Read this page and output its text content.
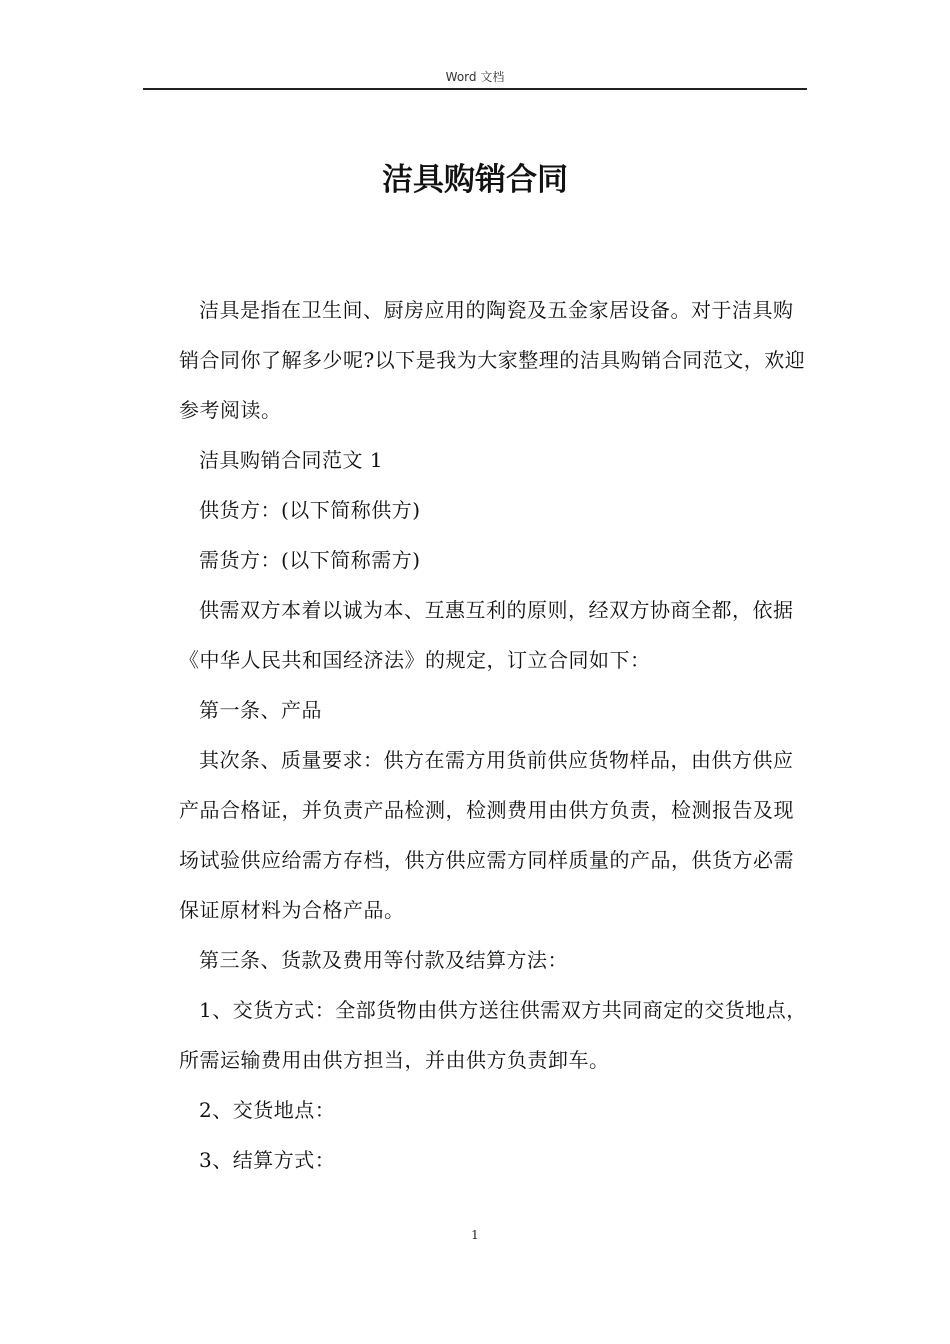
Word 文档
洁具购销合同

洁具是指在卫生间、厨房应用的陶瓷及五金家居设备。对于洁具购销合同你了解多少呢?以下是我为大家整理的洁具购销合同范文，欢迎参考阅读。

洁具购销合同范文 1

供货方：(以下简称供方)

需货方：(以下简称需方)

供需双方本着以诚为本、互惠互利的原则，经双方协商全都，依据《中华人民共和国经济法》的规定，订立合同如下：

第一条、产品

其次条、质量要求：供方在需方用货前供应货物样品，由供方供应产品合格证，并负责产品检测，检测费用由供方负责，检测报告及现场试验供应给需方存档，供方供应需方同样质量的产品，供货方必需保证原材料为合格产品。

第三条、货款及费用等付款及结算方法：

1、交货方式：全部货物由供方送往供需双方共同商定的交货地点，所需运输费用由供方担当，并由供方负责卸车。

2、交货地点：

3、结算方式：

1
